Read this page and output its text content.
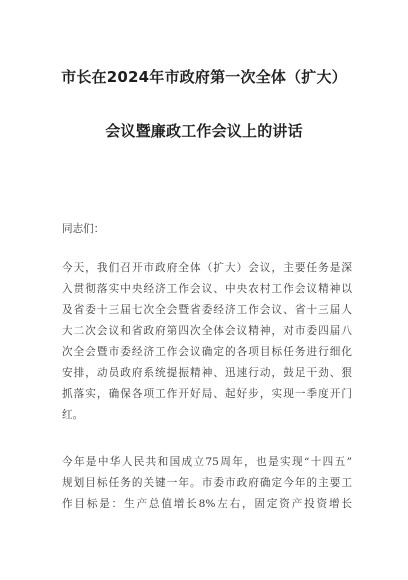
市长在2024年市政府第一次全体（扩大）
会议暨廉政工作会议上的讲话
同志们：
今天，我们召开市政府全体（扩大）会议，主要任务是深
入贯彻落实中央经济工作会议、中央农村工作会议精神以
及省委十三届七次全会暨省委经济工作会议、省十三届人
大二次会议和省政府第四次全体会议精神，对市委四届八
次全会暨市委经济工作会议确定的各项目标任务进行细化
安排，动员政府系统提振精神、迅速行动，鼓足干劲、狠
抓落实，确保各项工作开好局、起好步，实现一季度开门
红。
今年是中华人民共和国成立75周年，也是实现“十四五”
规划目标任务的关键一年。市委市政府确定今年的主要工
作目标是：生产总值增长8%左右，固定资产投资增长
